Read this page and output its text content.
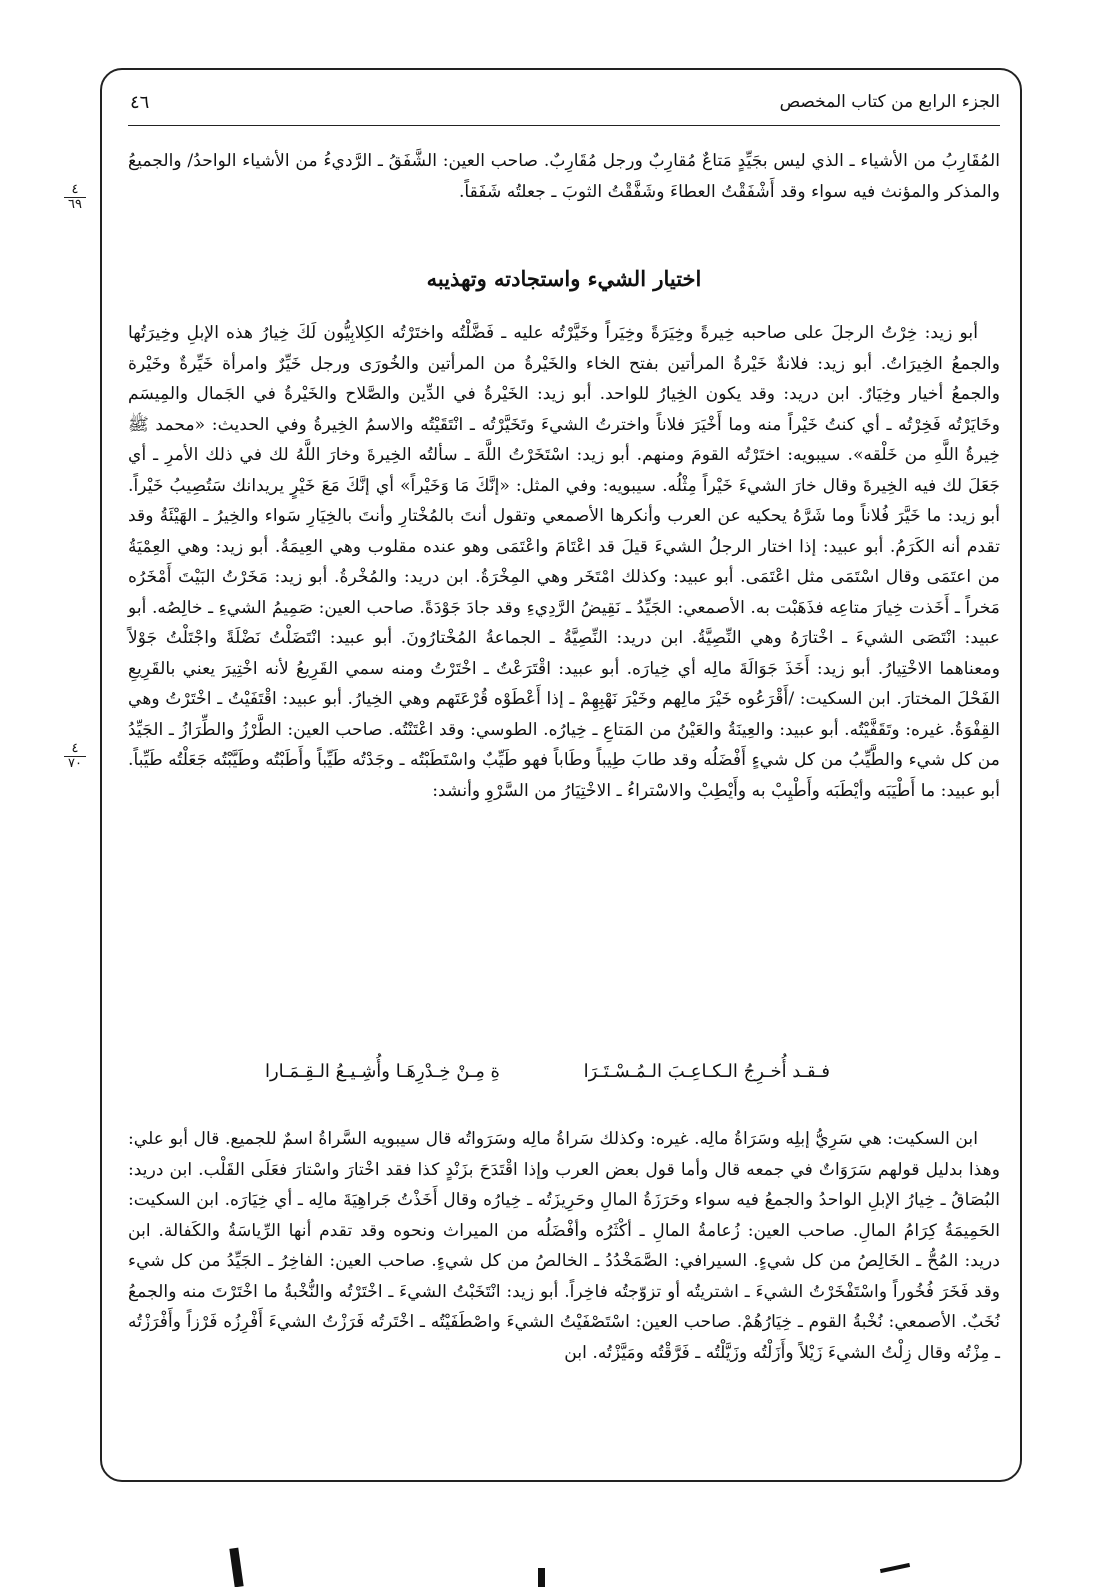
الجزء الرابع من كتاب المخصص
٤٦
٤
٦٩
٤
٧٠
المُقَارِبُ من الأشياء ـ الذي ليس بجَيِّدٍ مَتاعٌ مُقارِبٌ ورجل مُقَارِبٌ. صاحب العين: الشَّفَقُ ـ الرَّديءُ من الأشياء الواحدُ/ والجميعُ والمذكر والمؤنث فيه سواء وقد أَشْفَقْتُ العطاءَ وشَفَّقْتُ الثوبَ ـ جعلتُه شَفَقاً.
اختيار الشيء واستجادته وتهذيبه
أبو زيد: خِرْتُ الرجلَ على صاحبه خِيرةً وخِيَرَةً وخِيَراً وخَيَّرْتُه عليه ـ فَضَّلْتُه واختَرْتُه الكِلابِيُّون لَكَ خِيارُ هذه الإبلِ وخِيرَتُها والجمعُ الخِيرَاتُ. أبو زيد: فلانةٌ خَيْرةُ المرأتين بفتح الخاء والخَيْرةُ من المرأتين والخُورَى ورجل خَيِّرٌ وامرأة خَيِّرةٌ وخَيْرة والجمعُ أخيار وخِيَارٌ. ابن دريد: وقد يكون الخِيارُ للواحد. أبو زيد: الخَيْرةُ في الدِّين والصَّلاح والخَيْرةُ في الجَمال والمِيسَم وخَايَرْتُه فَخِرْتُه ـ أي كنتُ خَيْراً منه وما أَخْيَرَ فلاناً واخترتُ الشيءَ وتَخَيَّرْتُه ـ انْتَقَيْتُه والاسمُ الخِيرةُ وفي الحديث: «محمد ﷺ خِيرةُ اللَّهِ من خَلْقه». سيبويه: اختَرْتُه القومَ ومنهم. أبو زيد: اسْتَخَرْتُ اللَّهَ ـ سألتُه الخِيرةَ وخارَ اللَّهُ لك في ذلك الأمرِ ـ أي جَعَلَ لك فيه الخِيرةَ وقال خارَ الشيءَ خَيْراً مِثْلُه. سيبويه: وفي المثل: «إنَّكَ مَا وَخَيْراً» أي إنَّكَ مَعَ خَيْرٍ يريدانك سَتُصِيبُ خَيْراً. أبو زيد: ما خَيَّرَ فُلاناً وما شَرَّهُ يحكيه عن العرب وأنكرها الأصمعي وتقول أنتَ بالمُخْتارِ وأنتَ بالخِيَارِ سَواء والخِيرُ ـ الهَيْئَةُ وقد تقدم أنه الكَرَمُ. أبو عبيد: إذا اختار الرجلُ الشيءَ قيلَ قد اعْتَامَ واعْتَمَى وهو عنده مقلوب وهي العِيمَةُ. أبو زيد: وهي العِمْيَةُ من اعتَمَى وقال اسْتَمَى مثل اعْتَمَى. أبو عبيد: وكذلك امْتَخَر وهي المِخْرَةُ. ابن دريد: والمُخْرةُ. أبو زيد: مَخَرْتُ البَيْتَ أَمْخَرُه مَخراً ـ أَخَذت خِيارَ متاعِه فذَهَبْت به. الأصمعي: الجَيِّدُ ـ نَقِيضُ الرَّدِيءِ وقد جادَ جَوْدَةً. صاحب العين: صَمِيمُ الشيءِ ـ خالِصُه. أبو عبيد: انْتَصَى الشيءَ ـ اخْتارَهُ وهي النِّصِيَّةُ. ابن دريد: النِّصِيَّةُ ـ الجماعةُ المُخْتارُونَ. أبو عبيد: انْتَضَلْتُ نَضْلَةً واجْتَلْتُ جَوْلاً ومعناهما الاخْتِيارُ. أبو زيد: أَخَذَ جَوَالَةَ مالِه أي خِيارَه. أبو عبيد: اقْتَرَعْتُ ـ اخْتَرْتُ ومنه سمي القَرِيعُ لأنه اخْتِيرَ يعني بالقَرِيعِ الفَحْلَ المختارَ. ابن السكيت: /أَقْرَعُوه خَيْرَ مالِهم وخَيْرَ نَهْبِهِمْ ـ إذا أَعْطَوْه قُرْعَتَهم وهي الخِيارُ. أبو عبيد: اقْتَفَيْتُ ـ اخْتَرْتُ وهي القِفْوَةُ. غيره: وتَقَفَّيْتُه. أبو عبيد: والعِينَةُ والعَيْنُ من المَتاعِ ـ خِيارُه. الطوسي: وقد اعْتَنْتُه. صاحب العين: الطَّرْزُ والطِّرَازُ ـ الجَيِّدُ من كل شيء والطَّيِّبُ من كل شيءٍ أَفْضَلُه وقد طابَ طِيباً وطَاباً فهو طَيِّبٌ واسْتَطَبْتُه ـ وجَدْتُه طَيِّباً وأَطَبْتُه وطَيَّبْتُه جَعَلْتُه طَيِّباً. أبو عبيد: ما أَطْيَبَه وأيْطَبَه وأَطْيِبْ به وأَيْطِبْ والاسْتراءُ ـ الاخْتِيَارُ من السَّرْوِ وأنشد:
فـقـد أُخـرِجُ الـكـاعِـبَ الـمُـسْـتَـرَا
ةِ مِـنْ خِـدْرِهَـا وأُشِـيـعُ الـقِـمَـارا
ابن السكيت: هي سَرِيُّ إبلِه وسَرَاةُ مالِه. غيره: وكذلك سَراةُ مالِه وسَرَواتُه قال سيبويه السَّراةُ اسمٌ للجميع. قال أبو علي: وهذا بدليل قولهم سَرَوَاتٌ في جمعه قال وأما قول بعض العرب وإذا اقْتَدَحَ بزَنْدٍ كذا فقد اخْتارَ واسْتارَ فعَلَى القَلْب. ابن دريد: البُصَاقُ ـ خِيارُ الإبلِ الواحدُ والجمعُ فيه سواء وحَرَزَةُ المالِ وحَرِيزَتُه ـ خِيارُه وقال أَخَذْتُ جَراهِيَةَ مالِه ـ أي خِيَارَه. ابن السكيت: الحَمِيمَةُ كِرَامُ المالِ. صاحب العين: زُعامةُ المالِ ـ أكْثَرُه وأفْضَلُه من الميراث ونحوه وقد تقدم أنها الرِّياسَةُ والكَفالة. ابن دريد: المُحُّ ـ الخَالِصُ من كل شيءٍ. السيرافي: الصَّمَخْدُدُ ـ الخالصُ من كل شيءٍ. صاحب العين: الفاخِرُ ـ الجَيِّدُ من كل شيء وقد فَخَرَ فُخُوراً واسْتَفْخَرْتُ الشيءَ ـ اشتريتُه أو تزوّجتُه فاخِراً. أبو زيد: انْتَخَبْتُ الشيءَ ـ اخْتَرْتُه والنُّخْبةُ ما اخْتَرْتَ منه والجمعُ نُخَبٌ. الأصمعي: نُخْبةُ القوم ـ خِيَارُهُمْ. صاحب العين: اسْتَصْفَيْتُ الشيءَ واصْطَفَيْتُه ـ اخْتَرتُه فَرَزْتُ الشيءَ أَفْرِزُه فَرْزاً وأَفْرَزْتُه ـ مِزْتُه وقال زِلْتُ الشيءَ زَيْلاً وأَزَلْتُه وزَيَّلْتُه ـ فَرَّقْتُه ومَيَّزْتُه. ابن
